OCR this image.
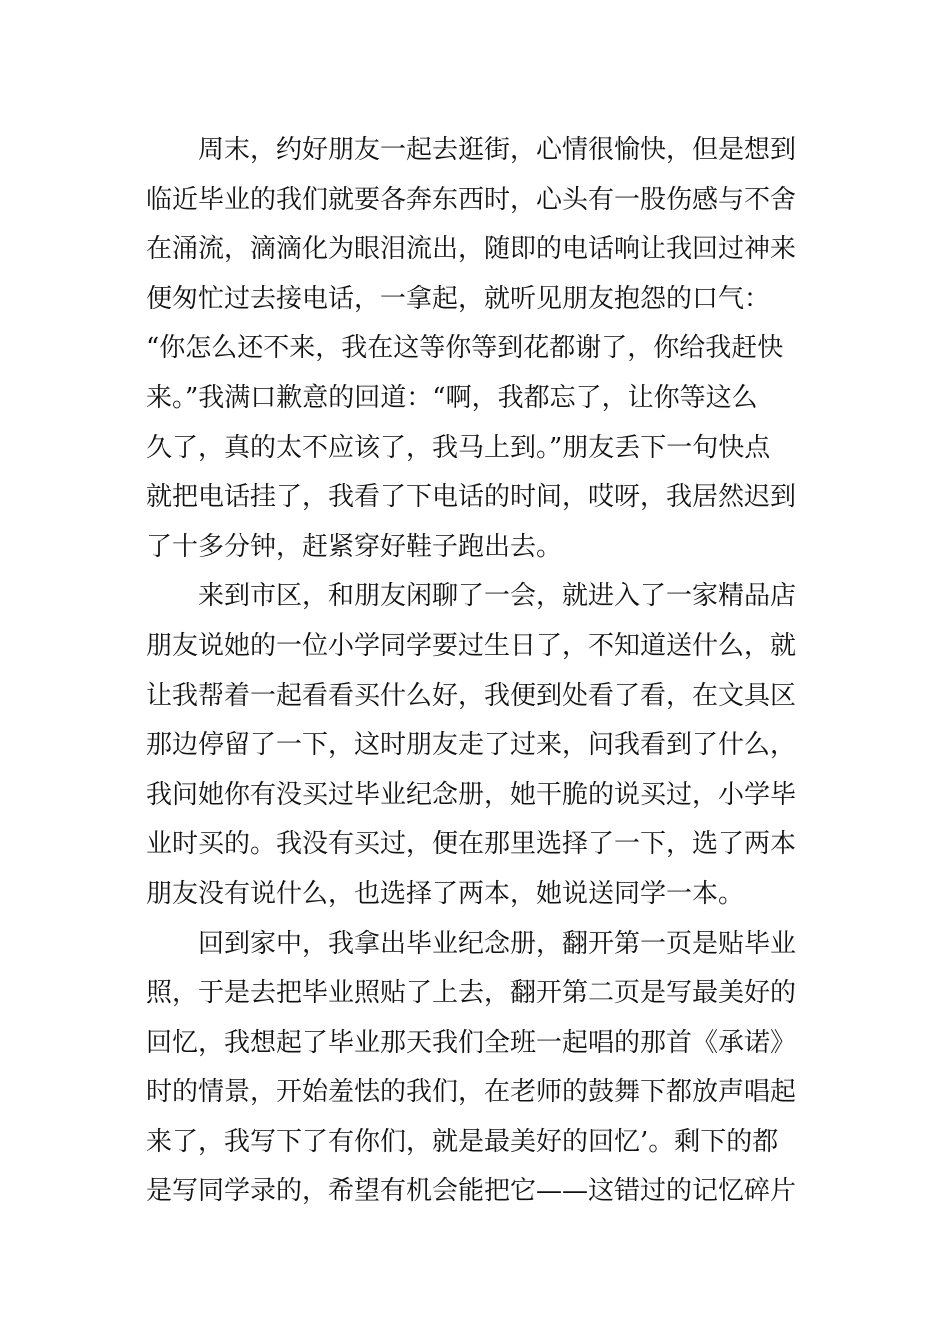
周末，约好朋友一起去逛街，心情很愉快，但是想到
临近毕业的我们就要各奔东西时，心头有一股伤感与不舍
在涌流，滴滴化为眼泪流出，随即的电话响让我回过神来
便匆忙过去接电话，一拿起，就听见朋友抱怨的口气：
“你怎么还不来，我在这等你等到花都谢了，你给我赶快
来。”我满口歉意的回道：“啊，我都忘了，让你等这么
久了，真的太不应该了，我马上到。”朋友丢下一句快点
就把电话挂了，我看了下电话的时间，哎呀，我居然迟到
了十多分钟，赶紧穿好鞋子跑出去。
来到市区，和朋友闲聊了一会，就进入了一家精品店
朋友说她的一位小学同学要过生日了，不知道送什么，就
让我帮着一起看看买什么好，我便到处看了看，在文具区
那边停留了一下，这时朋友走了过来，问我看到了什么，
我问她你有没买过毕业纪念册，她干脆的说买过，小学毕
业时买的。我没有买过，便在那里选择了一下，选了两本
朋友没有说什么，也选择了两本，她说送同学一本。
回到家中，我拿出毕业纪念册，翻开第一页是贴毕业
照，于是去把毕业照贴了上去，翻开第二页是写最美好的
回忆，我想起了毕业那天我们全班一起唱的那首《承诺》
时的情景，开始羞怯的我们，在老师的鼓舞下都放声唱起
来了，我写下了有你们，就是最美好的回忆’。剩下的都
是写同学录的，希望有机会能把它——这错过的记忆碎片
